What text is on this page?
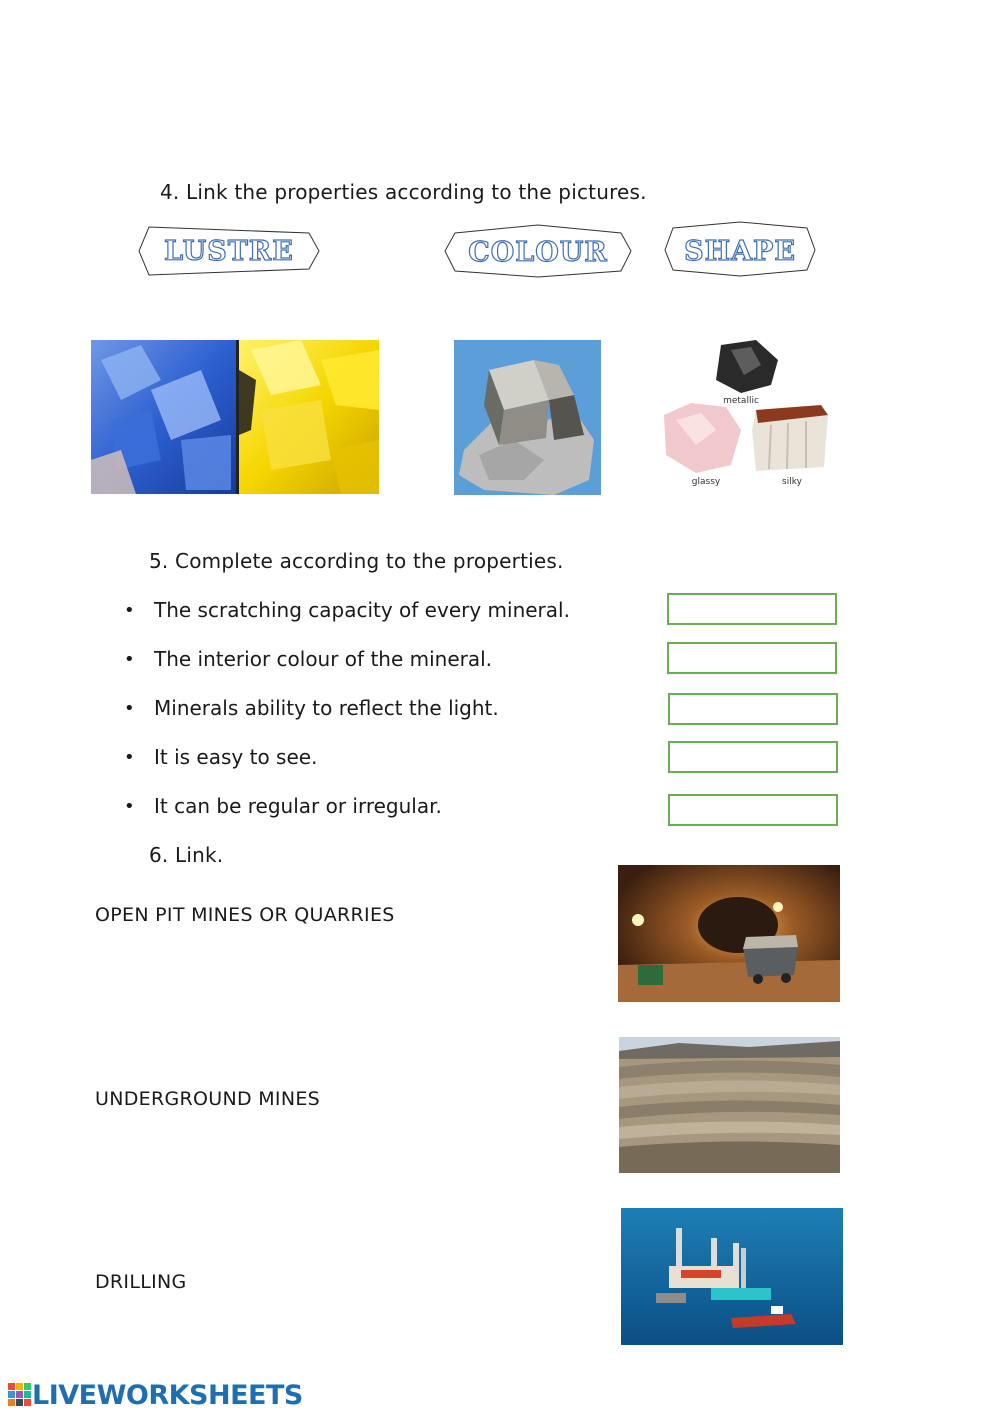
4. Link the properties according to the pictures.
LUSTRE	COLOUR	SHAPE
metallic
glassy	silky
5. Complete according to the properties.
• The scratching capacity of every mineral.
• The interior colour of the mineral.
• Minerals ability to reflect the light.
• It is easy to see.
• It can be regular or irregular.
6. Link.
OPEN PIT MINES OR QUARRIES
UNDERGROUND MINES
DRILLING
LIVEWORKSHEETS
